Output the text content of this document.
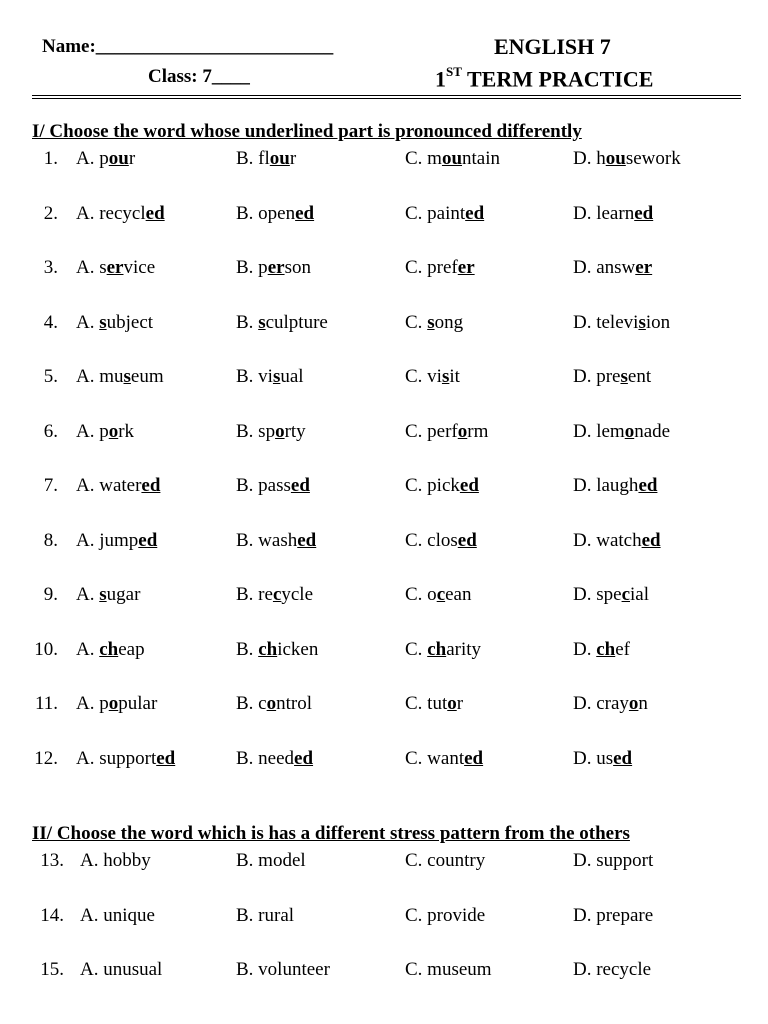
Name:_________________________
Class: 7____
ENGLISH 7
1ST TERM PRACTICE
I/ Choose the word whose underlined part is pronounced differently
1. A. pour	B. flour	C. mountain	D. housework
2. A. recycled	B. opened	C. painted	D. learned
3. A. service	B. person	C. prefer	D. answer
4. A. subject	B. sculpture	C. song	D. television
5. A. museum	B. visual	C. visit	D. present
6. A. pork	B. sporty	C. perform	D. lemonade
7. A. watered	B. passed	C. picked	D. laughed
8. A. jumped	B. washed	C. closed	D. watched
9. A. sugar	B. recycle	C. ocean	D. special
10. A. cheap	B. chicken	C. charity	D. chef
11. A. popular	B. control	C. tutor	D. crayon
12. A. supported	B. needed	C. wanted	D. used
II/ Choose the word which is has a different stress pattern from the others
13. A. hobby	B. model	C. country	D. support
14. A. unique	B. rural	C. provide	D. prepare
15. A. unusual	B. volunteer	C. museum	D. recycle
